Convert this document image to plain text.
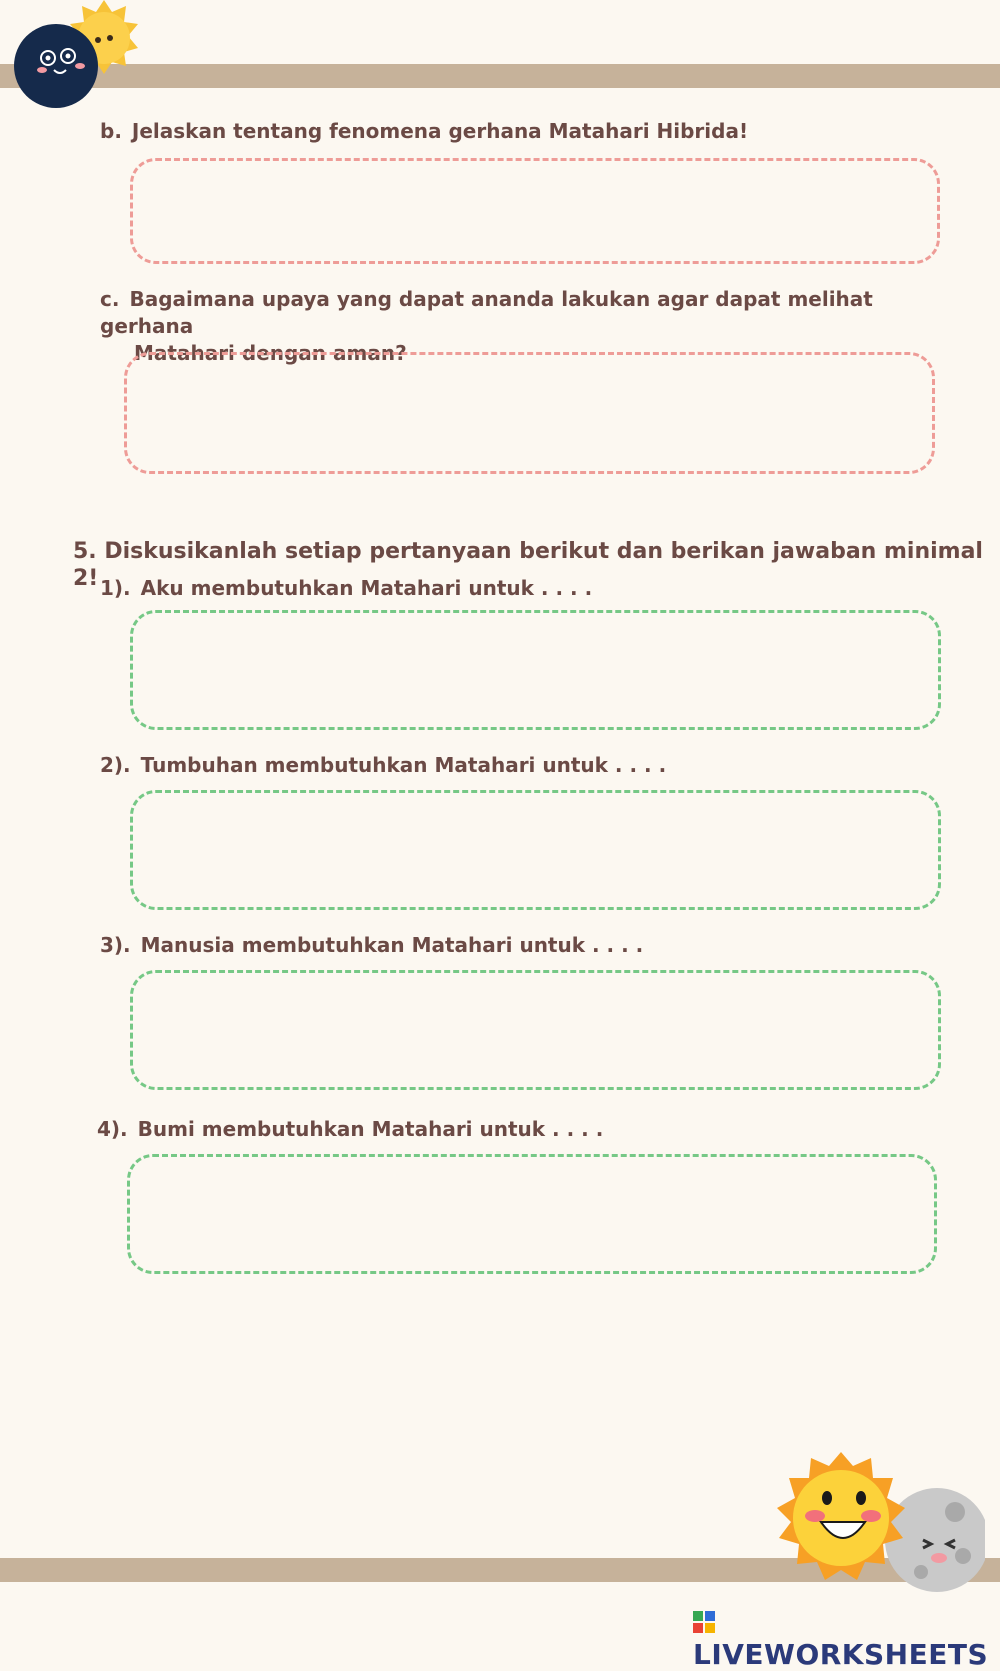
b. Jelaskan tentang fenomena gerhana Matahari Hibrida!
c. Bagaimana upaya yang dapat ananda lakukan agar dapat melihat gerhana
Matahari dengan aman?
5. Diskusikanlah setiap pertanyaan berikut dan berikan jawaban minimal 2! 1). Aku membutuhkan Matahari untuk . . . .
2). Tumbuhan membutuhkan Matahari untuk . . . .
3). Manusia membutuhkan Matahari untuk . . . .
4). Bumi membutuhkan Matahari untuk . . . .
LIVEWORKSHEETS
